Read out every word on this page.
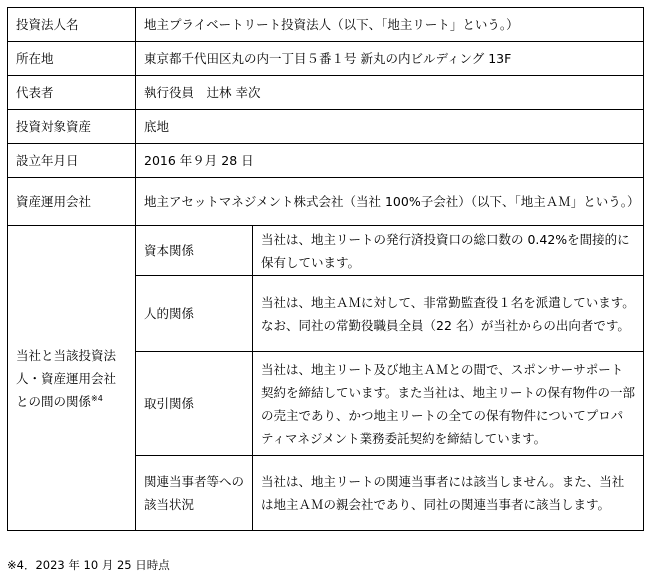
投資法人名	地主プライベートリート投資法人（以下、「地主リート」という。）	
所在地	東京都千代田区丸の内一丁目５番１号 新丸の内ビルディング 13F	
代表者	執行役員　辻林 幸次	
投資対象資産	底地	
設立年月日	2016 年９月 28 日	
資産運用会社	地主アセットマネジメント株式会社（当社 100%子会社）（以下、「地主ＡＭ」という。）	
当社と当該投資法人・資産運用会社との間の関係$^{※4}$	資本関係	当社は、地主リートの発行済投資口の総口数の 0.42%を間接的に保有しています。
	人的関係	当社は、地主ＡＭに対して、非常勤監査役１名を派遣しています。なお、同社の常勤役職員全員（22 名）が当社からの出向者です。
	取引関係	当社は、地主リート及び地主ＡＭとの間で、スポンサーサポート契約を締結しています。また当社は、地主リートの保有物件の一部の売主であり、かつ地主リートの全ての保有物件についてプロパティマネジメント業務委託契約を締結しています。
	関連当事者等への該当状況	当社は、地主リートの関連当事者には該当しません。また、当社は地主ＡＭの親会社であり、同社の関連当事者に該当します。
※4．2023 年 10 月 25 日時点
